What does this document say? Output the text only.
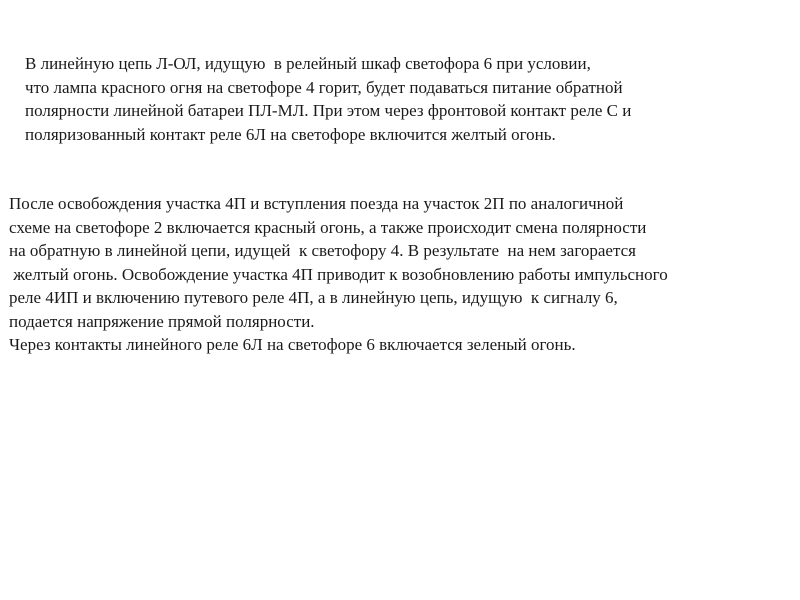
В линейную цепь Л-ОЛ, идущую  в релейный шкаф светофора 6 при условии,
что лампа красного огня на светофоре 4 горит, будет подаваться питание обратной
полярности линейной батареи ПЛ-МЛ. При этом через фронтовой контакт реле С и
поляризованный контакт реле 6Л на светофоре включится желтый огонь.

После освобождения участка 4П и вступления поезда на участок 2П по аналогичной
схеме на светофоре 2 включается красный огонь, а также происходит смена полярности
на обратную в линейной цепи, идущей  к светофору 4. В результате  на нем загорается
желтый огонь. Освобождение участка 4П приводит к возобновлению работы импульсного
реле 4ИП и включению путевого реле 4П, а в линейную цепь, идущую  к сигналу 6,
подается напряжение прямой полярности.
Через контакты линейного реле 6Л на светофоре 6 включается зеленый огонь.
